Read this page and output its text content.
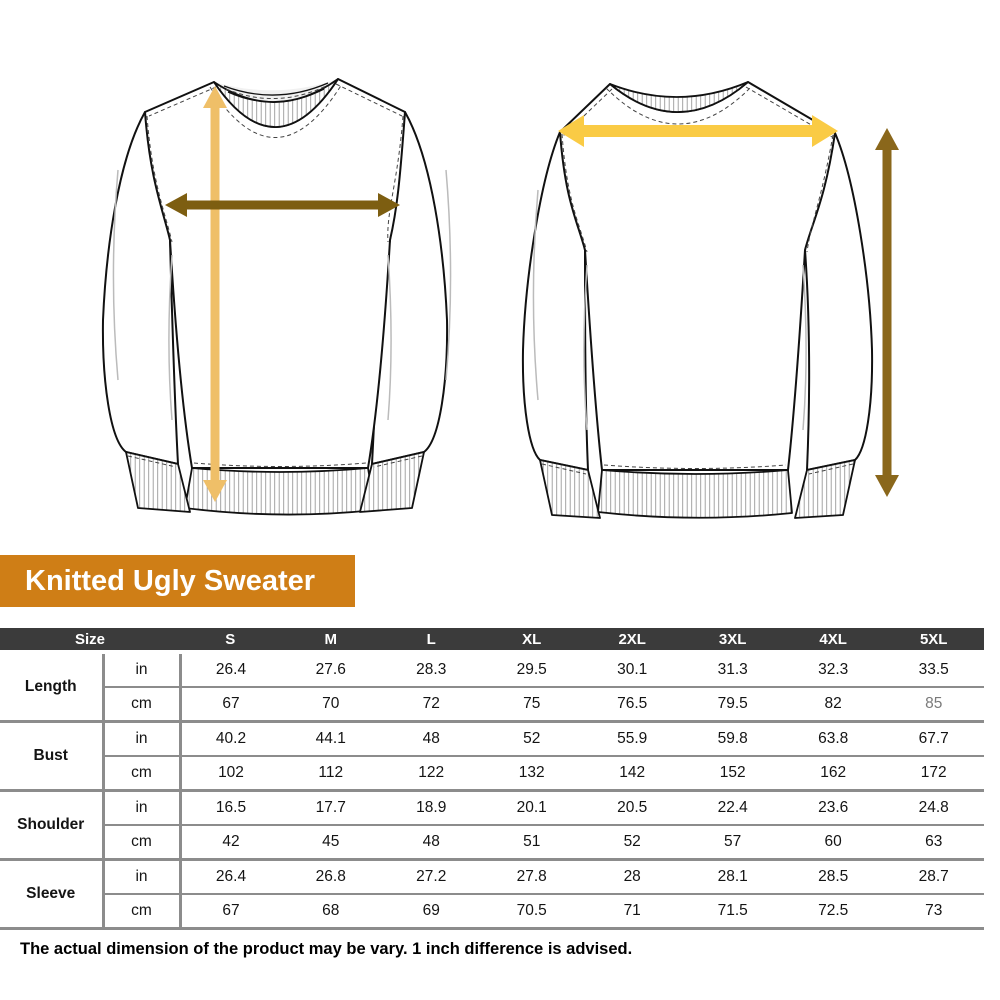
Knitted Ugly Sweater
Size		S	M	L	XL	2XL	3XL	4XL	5XL
Length	in	26.4	27.6	28.3	29.5	30.1	31.3	32.3	33.5
	cm	67	70	72	75	76.5	79.5	82	85
Bust	in	40.2	44.1	48	52	55.9	59.8	63.8	67.7
	cm	102	112	122	132	142	152	162	172
Shoulder	in	16.5	17.7	18.9	20.1	20.5	22.4	23.6	24.8
	cm	42	45	48	51	52	57	60	63
Sleeve	in	26.4	26.8	27.2	27.8	28	28.1	28.5	28.7
	cm	67	68	69	70.5	71	71.5	72.5	73
The actual dimension of the product may be vary. 1 inch difference is advised.
